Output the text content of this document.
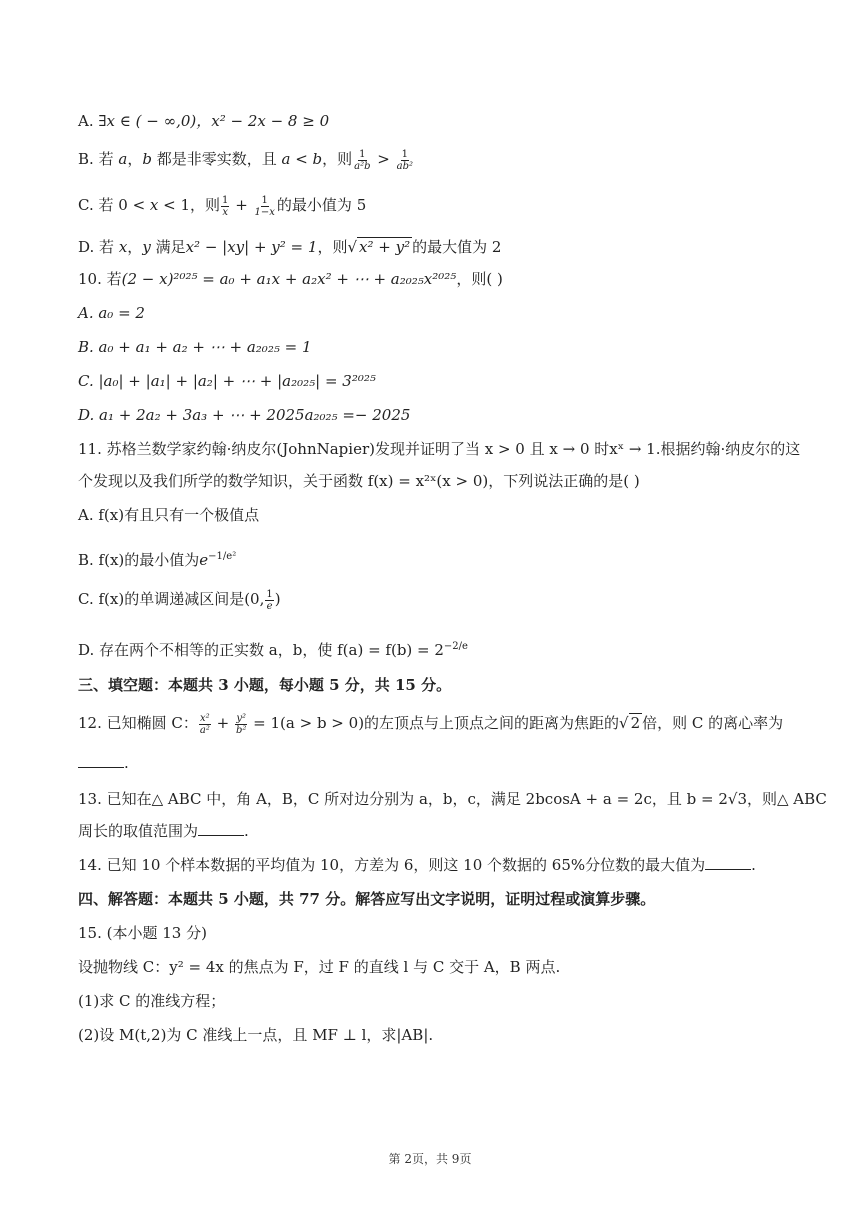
A. ∃x ∈ ( − ∞,0)，x² − 2x − 8 ≥ 0
B. 若 a，b 都是非零实数，且 a < b，则 $\frac{1}{\text{a²b}} > \frac{1}{\text{ab²}}$
C. 若 0 < x < 1，则 $\frac{1}{x} + \frac{1}{1-x}$ 的最小值为 5
D. 若 x，y 满足x² − |xy| + y² = 1，则√ x² + y² 的最大值为 2
10. 若(2 − x)²⁰²⁵ = a₀ + a₁x + a₂x² + ⋯ + a₂₀₂₅x²⁰²⁵，则( )
A. a₀ = 2
B. a₀ + a₁ + a₂ + ⋯ + a₂₀₂₅ = 1
C. |a₀| + |a₁| + |a₂| + ⋯ + |a₂₀₂₅| = 3²⁰²⁵
D. a₁ + 2a₂ + 3a₃ + ⋯ + 2025a₂₀₂₅ =− 2025
11. 苏格兰数学家约翰·纳皮尔(JohnNapier)发现并证明了当 x > 0 且 x → 0 时xˣ → 1.根据约翰·纳皮尔的这
个发现以及我们所学的数学知识，关于函数 f(x) = x²ˣ(x > 0)，下列说法正确的是( )
A. f(x)有且只有一个极值点
B. f(x)的最小值为$e^{-1/e^2}$
C. f(x)的单调递减区间是(0, $\frac{1}{e}$ )
D. 存在两个不相等的正实数 a，b，使 $f(a) = f(b) = 2^{-2/e}$
三、填空题：本题共 3 小题，每小题 5 分，共 15 分。
12. 已知椭圆 C： $\frac{\text{x²}}{\text{a²}} + \frac{\text{y²}}{\text{b²}} = 1(a > b > 0)$的左顶点与上顶点之间的距离为焦距的√ 2 倍，则 C 的离心率为
.
13. 已知在△ ABC 中，角 A，B，C 所对边分别为 a，b，c，满足 2bcosA + a = 2c，且 b = 2√3，则△ ABC
周长的取值范围为	.
14. 已知 10 个样本数据的平均值为 10，方差为 6，则这 10 个数据的 65%分位数的最大值为	.
四、解答题：本题共 5 小题，共 77 分。解答应写出文字说明，证明过程或演算步骤。
15. (本小题 13 分)
设抛物线 C：y² = 4x 的焦点为 F，过 F 的直线 l 与 C 交于 A，B 两点.
(1)求 C 的准线方程；
(2)设 M(t,2)为 C 准线上一点，且 MF ⊥ l，求|AB|.
第 2页，共 9页
